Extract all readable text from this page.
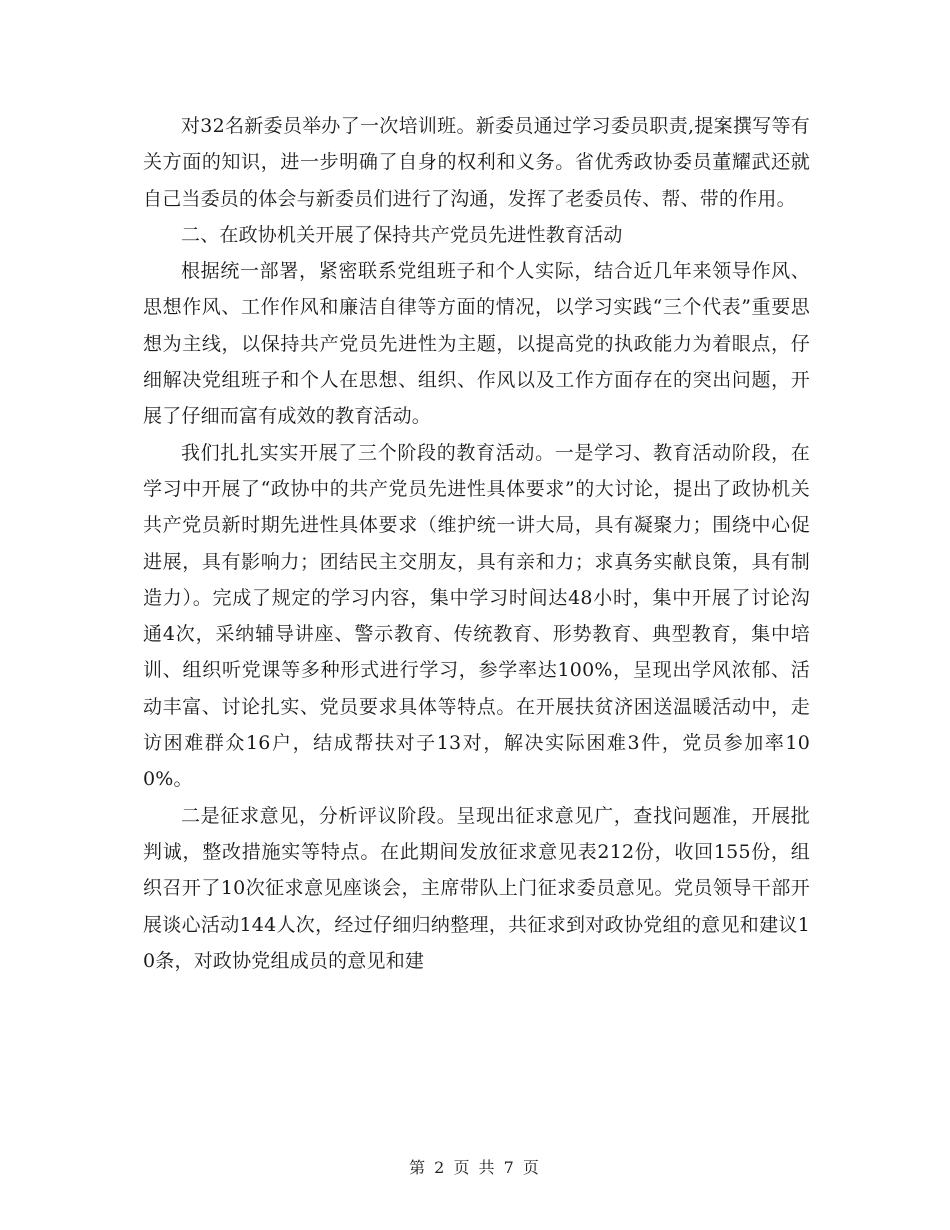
对32名新委员举办了一次培训班。新委员通过学习委员职责,提案撰写等有关方面的知识，进一步明确了自身的权利和义务。省优秀政协委员董耀武还就自己当委员的体会与新委员们进行了沟通，发挥了老委员传、帮、带的作用。

二、在政协机关开展了保持共产党员先进性教育活动

根据统一部署，紧密联系党组班子和个人实际，结合近几年来领导作风、思想作风、工作作风和廉洁自律等方面的情况，以学习实践“三个代表”重要思想为主线，以保持共产党员先进性为主题，以提高党的执政能力为着眼点，仔细解决党组班子和个人在思想、组织、作风以及工作方面存在的突出问题，开展了仔细而富有成效的教育活动。

我们扎扎实实开展了三个阶段的教育活动。一是学习、教育活动阶段，在学习中开展了“政协中的共产党员先进性具体要求”的大讨论，提出了政协机关共产党员新时期先进性具体要求（维护统一讲大局，具有凝聚力；围绕中心促进展，具有影响力；团结民主交朋友，具有亲和力；求真务实献良策，具有制造力）。完成了规定的学习内容，集中学习时间达48小时，集中开展了讨论沟通4次，采纳辅导讲座、警示教育、传统教育、形势教育、典型教育，集中培训、组织听党课等多种形式进行学习，参学率达100%，呈现出学风浓郁、活动丰富、讨论扎实、党员要求具体等特点。在开展扶贫济困送温暖活动中，走访困难群众16户，结成帮扶对子13对，解决实际困难3件，党员参加率100%。

二是征求意见，分析评议阶段。呈现出征求意见广，查找问题准，开展批判诚，整改措施实等特点。在此期间发放征求意见表212份，收回155份，组织召开了10次征求意见座谈会，主席带队上门征求委员意见。党员领导干部开展谈心活动144人次，经过仔细归纳整理，共征求到对政协党组的意见和建议10条，对政协党组成员的意见和建

第 2 页 共 7 页
